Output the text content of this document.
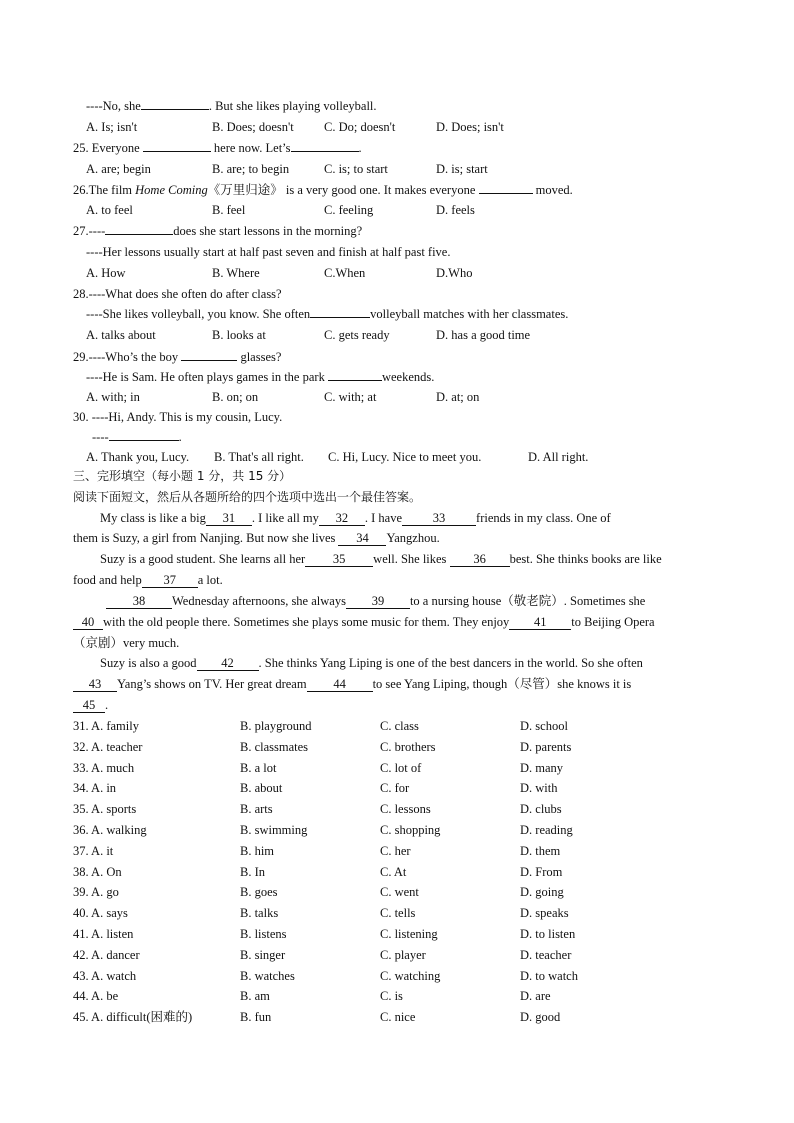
----No, she	. But she likes playing volleyball.
A. Is; isn't	B. Does; doesn't C. Do; doesn't	D. Does; isn't
25. Everyone	here now. Let’s	.
A. are; begin	B. are; to begin	C. is; to start	D. is; start
26.The film Home Coming《万里归途》 is a very good one. It makes everyone	moved.
A. to feel	B. feel	C. feeling	D. feels
27.----	does she start lessons in the morning?
----Her lessons usually start at half past seven and finish at half past five.
A. How	B. Where	C.When	D.Who
28.----What does she often do after class?
----She likes volleyball, you know. She often	volleyball matches with her classmates.
A. talks about	B. looks at	C. gets ready	D. has a good time
29.----Who’s the boy	glasses?
----He is Sam. He often plays games in the park	weekends.
A. with; in	B. on; on	C. with; at	D. at; on
30. ----Hi, Andy. This is my cousin, Lucy.
----	.
A. Thank you, Lucy. B. That's all right. C. Hi, Lucy. Nice to meet you.	D. All right.
三、完形填空（每小题 1 分，共 15 分）
阅读下面短文，然后从各题所给的四个选项中选出一个最佳答案。
My class is like a big 31 . I like all my 32 . I have 33 friends in my class. One of
them is Suzy, a girl from Nanjing. But now she lives 34 Yangzhou.
Suzy is a good student. She learns all her 35 well. She likes 36 best. She thinks books are like
food and help 37 a lot.
38 Wednesday afternoons, she always 39 to a nursing house（敬老院）. Sometimes she
40 with the old people there. Sometimes she plays some music for them. They enjoy 41 to Beijing Opera
（京剧）very much.
Suzy is also a good 42 . She thinks Yang Liping is one of the best dancers in the world. So she often
43 Yang’s shows on TV. Her great dream 44 to see Yang Liping, though（尽管）she knows it is
45 .
31. A. family	B. playground	C. class	D. school
32. A. teacher	B. classmates	C. brothers	D. parents
33. A. much	B. a lot	C. lot of	D. many
34. A. in	B. about	C. for	D. with
35. A. sports	B. arts	C. lessons	D. clubs
36. A. walking	B. swimming	C. shopping	D. reading
37. A. it	B. him	C. her	D. them
38. A. On	B. In	C. At	D. From
39. A. go	B. goes	C. went	D. going
40. A. says	B. talks	C. tells	D. speaks
41. A. listen	B. listens	C. listening	D. to listen
42. A. dancer	B. singer	C. player	D. teacher
43. A. watch	B. watches	C. watching	D. to watch
44. A. be	B. am	C. is	D. are
45. A. difficult(困难的)	B. fun	C. nice	D. good
